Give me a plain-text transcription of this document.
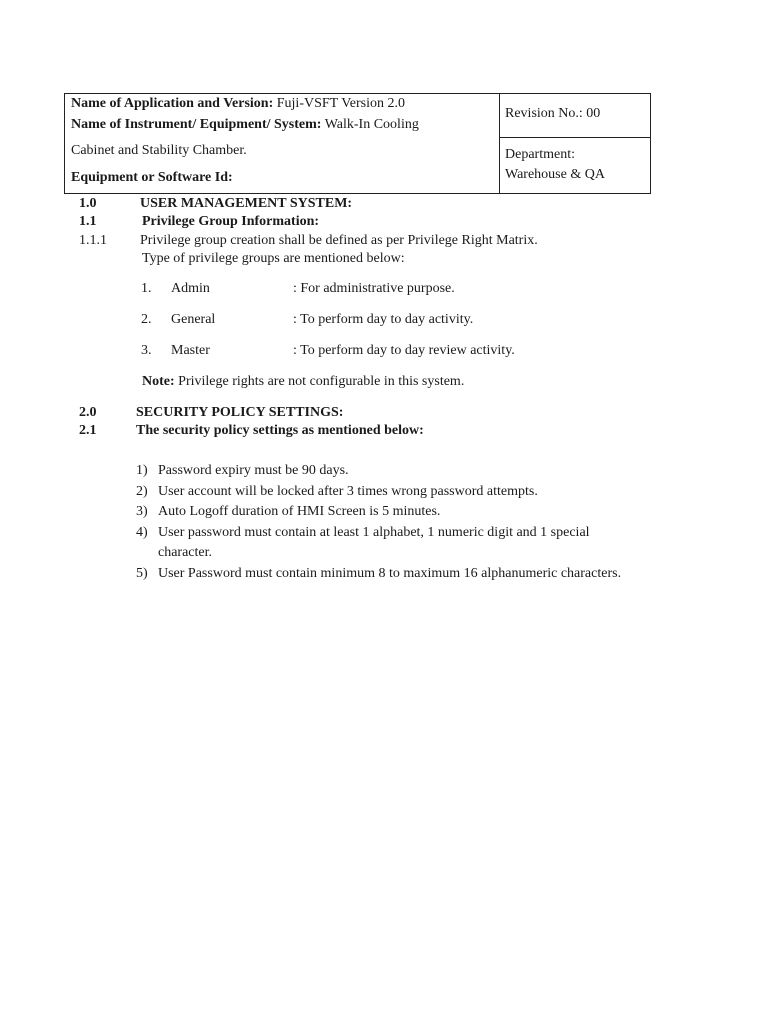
Name of Application and Version: Fuji-VSFT Version 2.0
Name of Instrument/ Equipment/ System: Walk-In Cooling
Cabinet and Stability Chamber.
Equipment or Software Id:
Revision No.: 00
Department:
Warehouse & QA
1.0	USER MANAGEMENT SYSTEM:
1.1	Privilege Group Information:
1.1.1 Privilege group creation shall be defined as per Privilege Right Matrix.
Type of privilege groups are mentioned below:
1. Admin	: For administrative purpose.
2. General	: To perform day to day activity.
3. Master	: To perform day to day review activity.
Note: Privilege rights are not configurable in this system.
2.0	SECURITY POLICY SETTINGS:
2.1	The security policy settings as mentioned below:
1) Password expiry must be 90 days.
2) User account will be locked after 3 times wrong password attempts.
3) Auto Logoff duration of HMI Screen is 5 minutes.
4) User password must contain at least 1 alphabet, 1 numeric digit and 1 special
character.
5) User Password must contain minimum 8 to maximum 16 alphanumeric characters.
